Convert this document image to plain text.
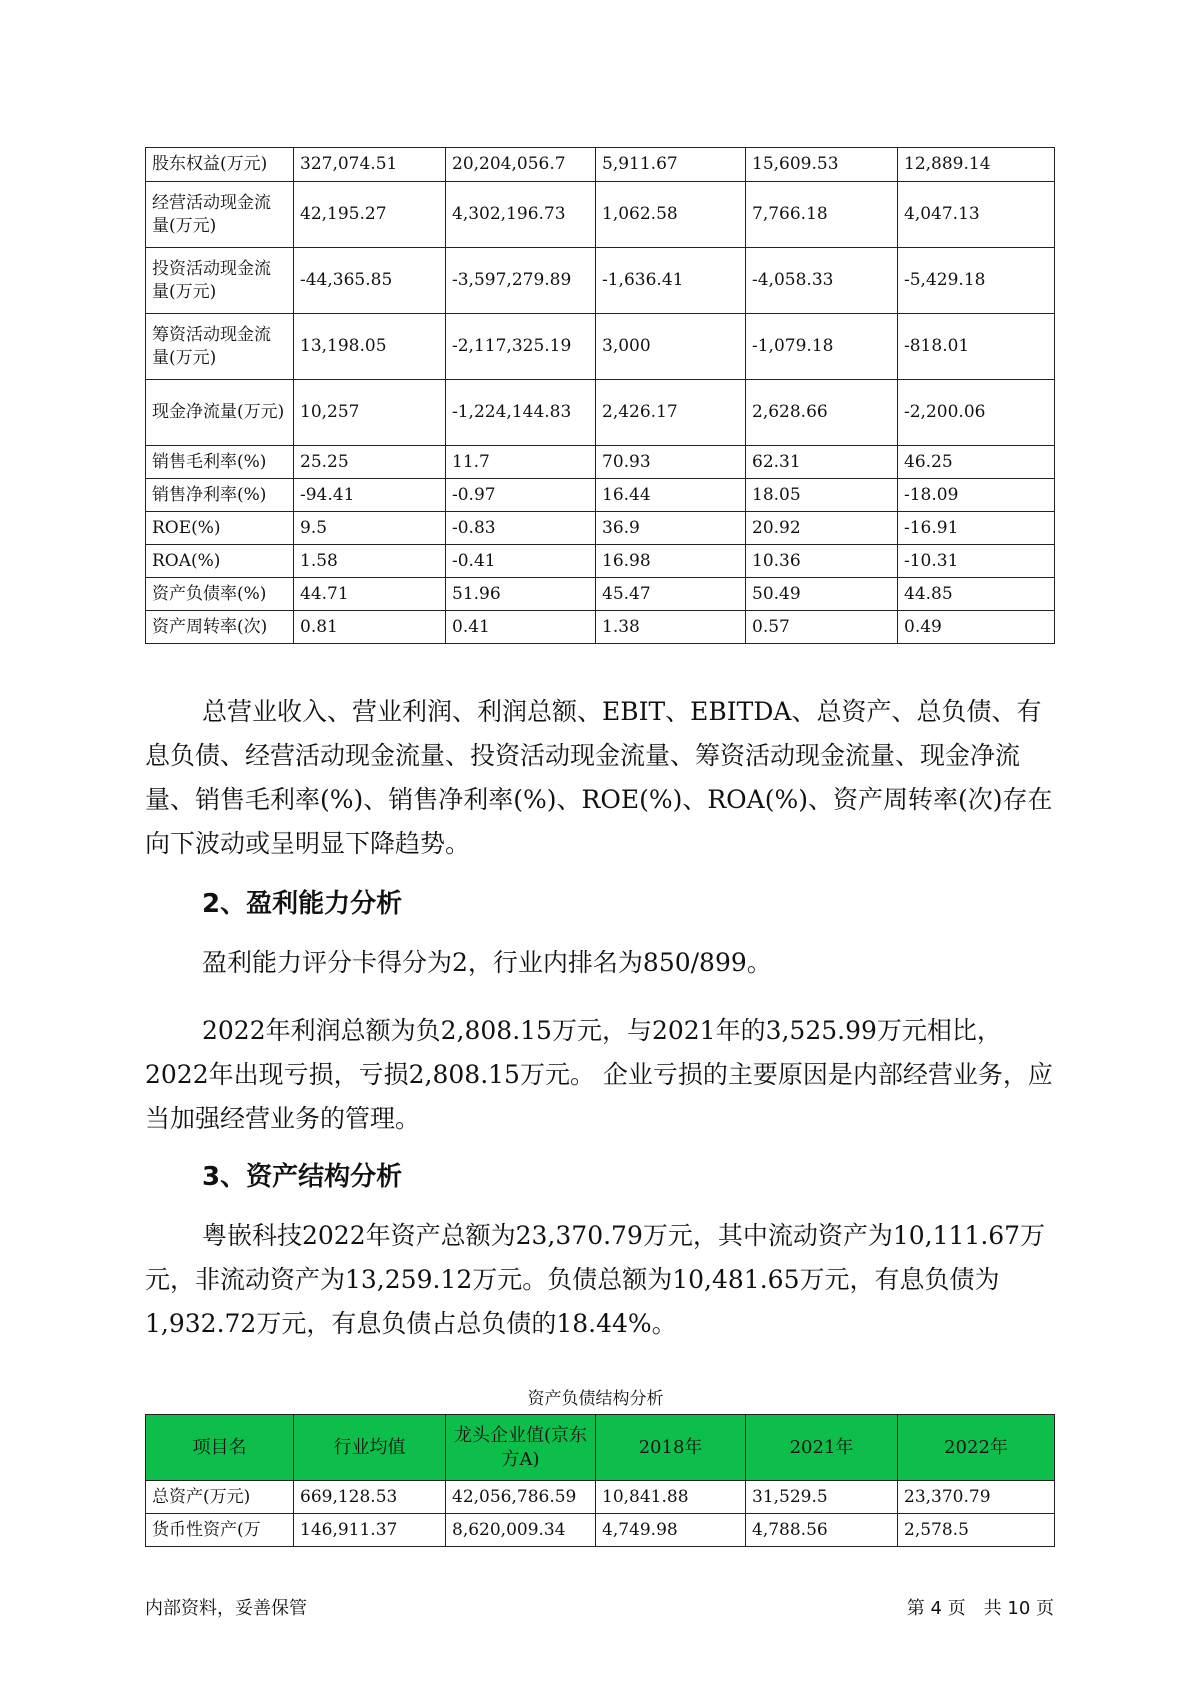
股东权益(万元)	327,074.51	20,204,056.7	5,911.67	15,609.53	12,889.14
经营活动现金流量(万元)	42,195.27	4,302,196.73	1,062.58	7,766.18	4,047.13
投资活动现金流量(万元)	-44,365.85	-3,597,279.89	-1,636.41	-4,058.33	-5,429.18
筹资活动现金流量(万元)	13,198.05	-2,117,325.19	3,000	-1,079.18	-818.01
现金净流量(万元)	10,257	-1,224,144.83	2,426.17	2,628.66	-2,200.06
销售毛利率(%)	25.25	11.7	70.93	62.31	46.25
销售净利率(%)	-94.41	-0.97	16.44	18.05	-18.09
ROE(%)	9.5	-0.83	36.9	20.92	-16.91
ROA(%)	1.58	-0.41	16.98	10.36	-10.31
资产负债率(%)	44.71	51.96	45.47	50.49	44.85
资产周转率(次)	0.81	0.41	1.38	0.57	0.49

总营业收入、营业利润、利润总额、EBIT、EBITDA、总资产、总负债、有息负债、经营活动现金流量、投资活动现金流量、筹资活动现金流量、现金净流量、销售毛利率(%)、销售净利率(%)、ROE(%)、ROA(%)、资产周转率(次)存在向下波动或呈明显下降趋势。

2、盈利能力分析

盈利能力评分卡得分为2，行业内排名为850/899。

2022年利润总额为负2,808.15万元，与2021年的3,525.99万元相比，2022年出现亏损，亏损2,808.15万元。 企业亏损的主要原因是内部经营业务，应当加强经营业务的管理。

3、资产结构分析

粤嵌科技2022年资产总额为23,370.79万元，其中流动资产为10,111.67万元，非流动资产为13,259.12万元。负债总额为10,481.65万元，有息负债为1,932.72万元，有息负债占总负债的18.44%。

资产负债结构分析

项目名	行业均值	龙头企业值(京东方A)	2018年	2021年	2022年
总资产(万元)	669,128.53	42,056,786.59	10,841.88	31,529.5	23,370.79
货币性资产(万	146,911.37	8,620,009.34	4,749.98	4,788.56	2,578.5
内部资料，妥善保管	第 4 页　共 10 页
